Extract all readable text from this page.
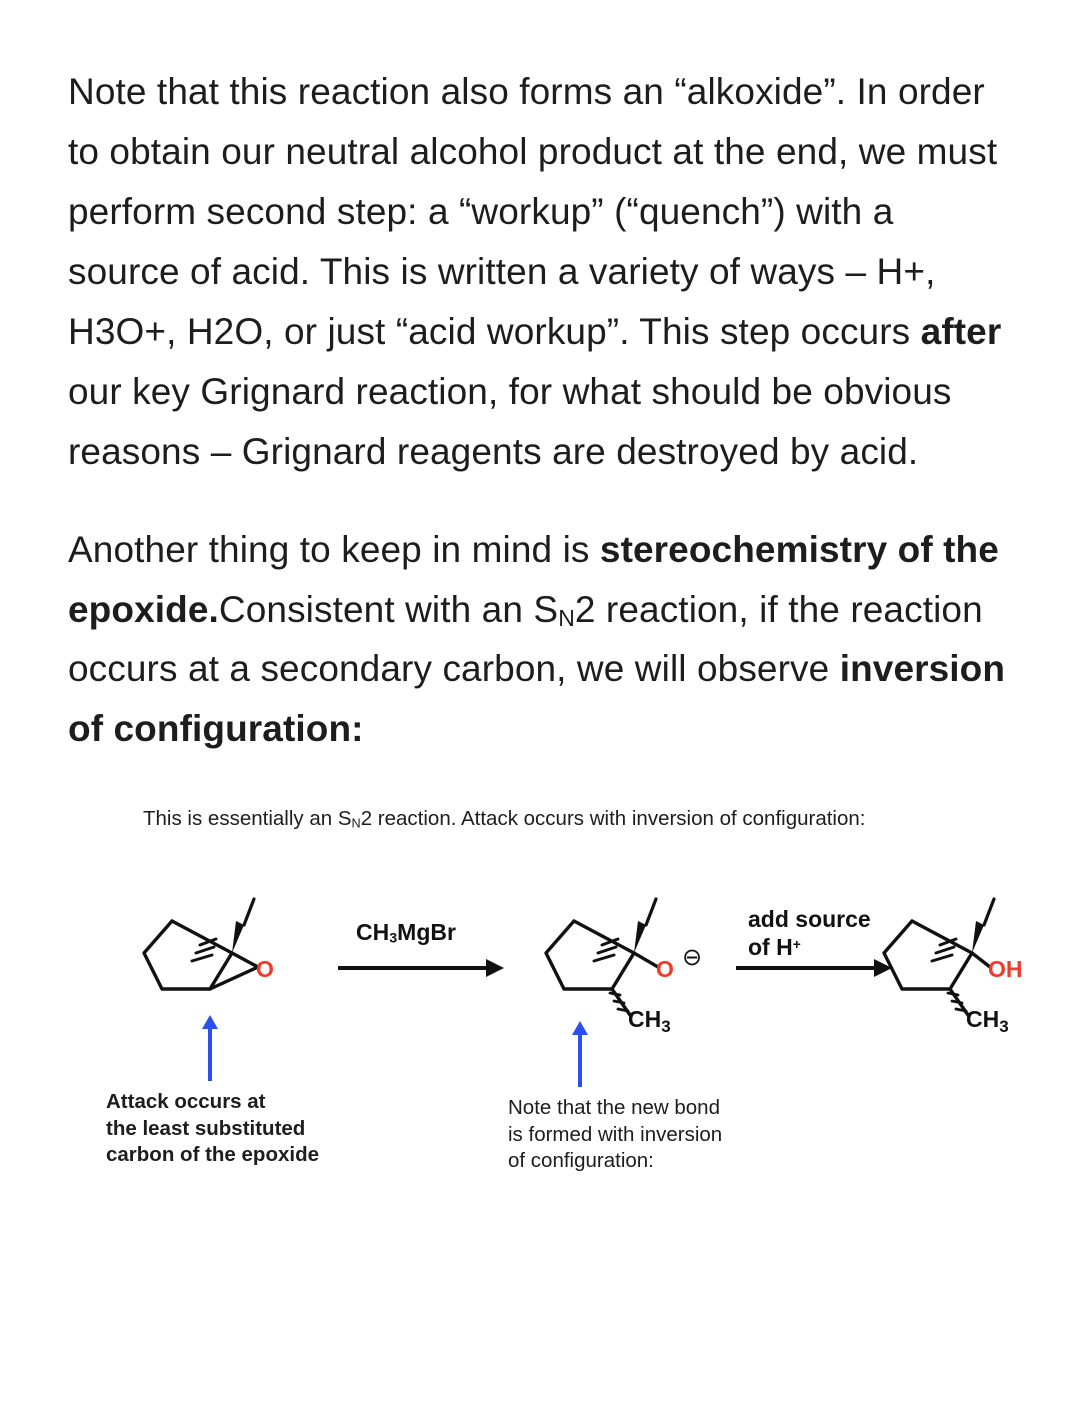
Note that this reaction also forms an “alkoxide”. In order to obtain our neutral alcohol product at the end, we must perform second step: a “workup” (“quench”) with a source of acid. This is written a variety of ways – H+, H3O+, H2O, or just “acid workup”. This step occurs after our key Grignard reaction, for what should be obvious reasons – Grignard reagents are destroyed by acid.

Another thing to keep in mind is stereochemistry of the epoxide.Consistent with an $S_N2$ reaction, if the reaction occurs at a secondary carbon, we will observe inversion of configuration:

This is essentially an $S_N2$ reaction. Attack occurs with inversion of configuration:
O
$CH_3MgBr$
O ⊖
$CH_3$
add source
of H+
OH
$CH_3$
Attack occurs at
the least substituted
carbon of the epoxide
Note that the new bond
is formed with inversion
of configuration:
